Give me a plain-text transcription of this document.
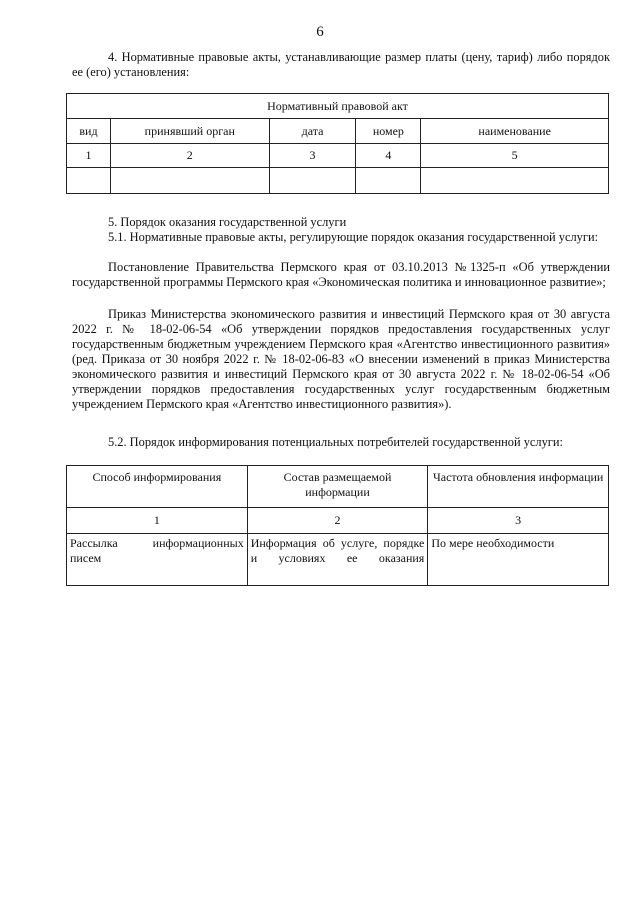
6
4. Нормативные правовые акты, устанавливающие размер платы (цену, тариф) либо порядок ее (его) установления:
Нормативный правовой акт				
вид	принявший орган	дата	номер	наименование
1	2	3	4	5

5. Порядок оказания государственной услуги
5.1. Нормативные правовые акты, регулирующие порядок оказания государственной услуги:
Постановление Правительства Пермского края от 03.10.2013 №1325-п «Об утверждении государственной программы Пермского края «Экономическая политика и инновационное развитие»;
Приказ Министерства экономического развития и инвестиций Пермского края от 30 августа 2022 г. № 18-02-06-54 «Об утверждении порядков предоставления государственных услуг государственным бюджетным учреждением Пермского края «Агентство инвестиционного развития» (ред. Приказа от 30 ноября 2022 г. № 18-02-06-83 «О внесении изменений в приказ Министерства экономического развития и инвестиций Пермского края от 30 августа 2022 г. № 18-02-06-54 «Об утверждении порядков предоставления государственных услуг государственным бюджетным учреждением Пермского края «Агентство инвестиционного развития»).
5.2. Порядок информирования потенциальных потребителей государственной услуги:
Способ информирования	Состав размещаемой информации	Частота обновления информации
1	2	3
Рассылка информационных писем	Информация об услуге, порядке и условиях ее оказания	По мере необходимости
